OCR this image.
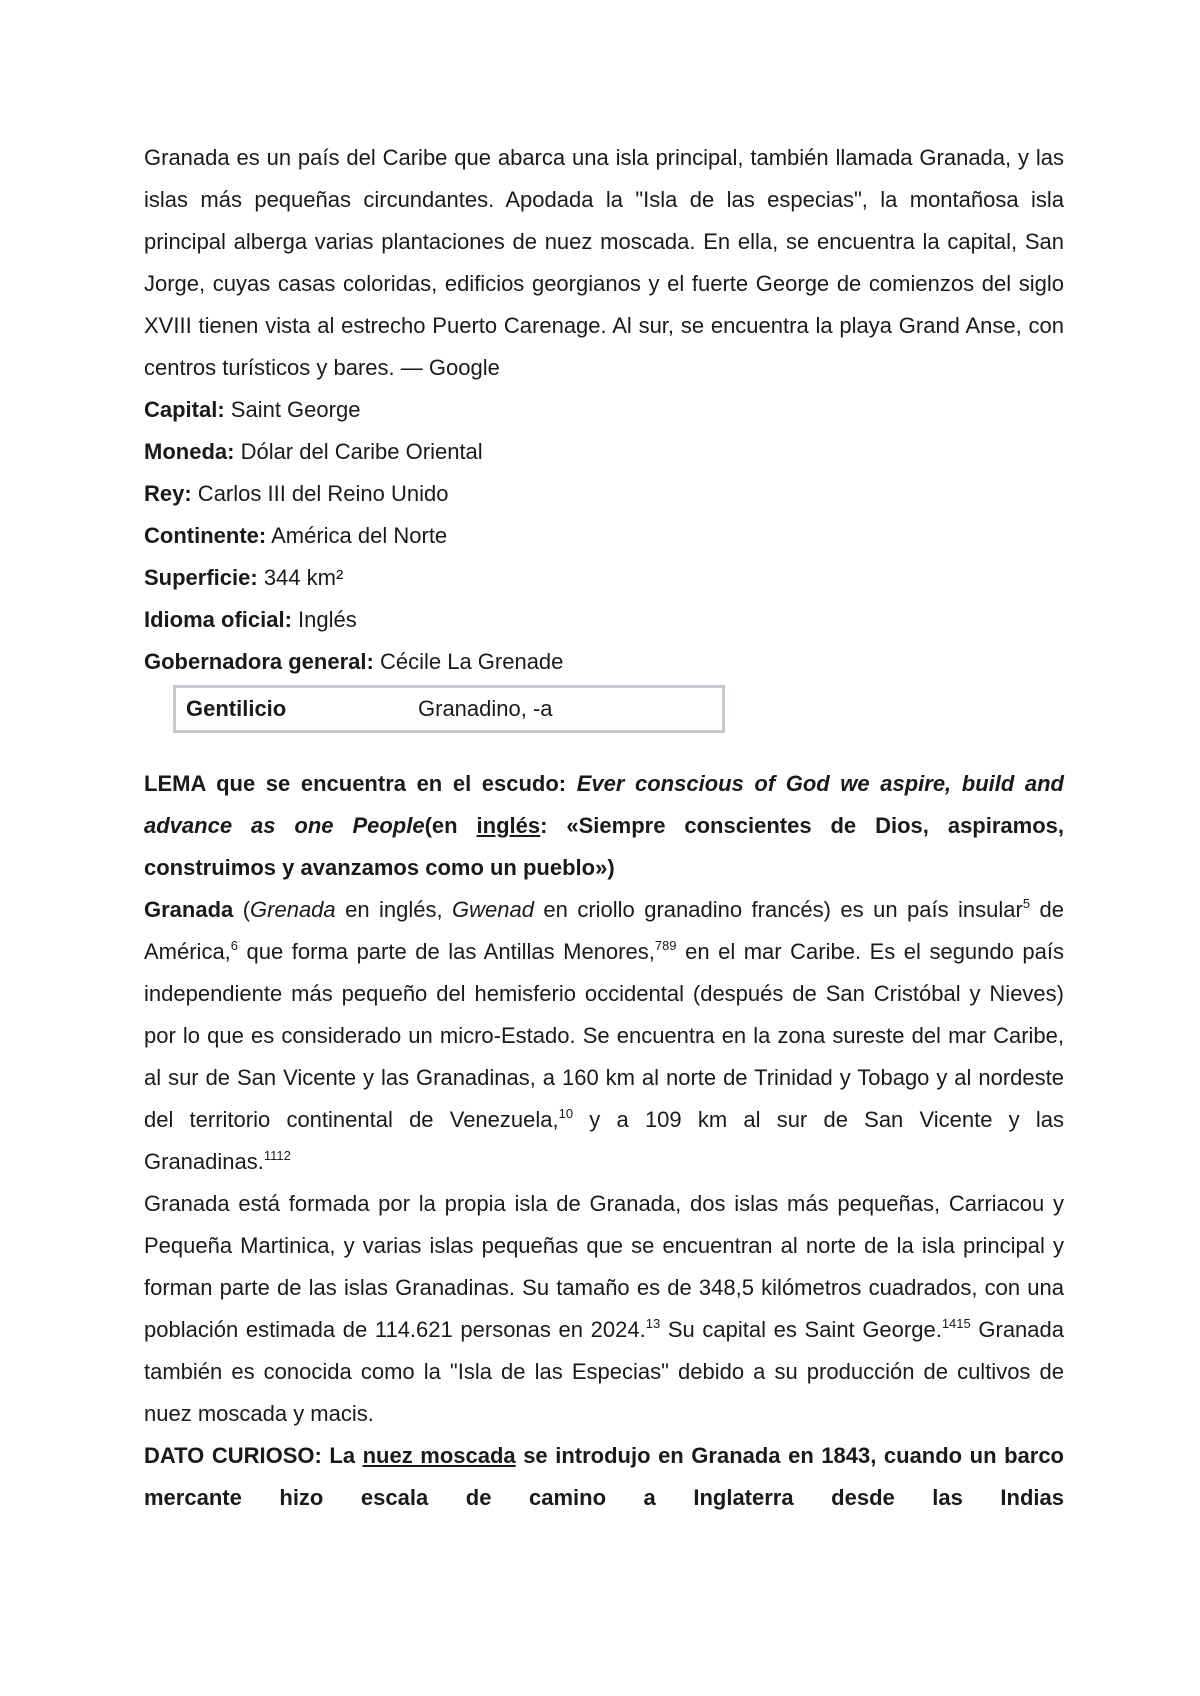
Granada es un país del Caribe que abarca una isla principal, también llamada Granada, y las islas más pequeñas circundantes. Apodada la "Isla de las especias", la montañosa isla principal alberga varias plantaciones de nuez moscada. En ella, se encuentra la capital, San Jorge, cuyas casas coloridas, edificios georgianos y el fuerte George de comienzos del siglo XVIII tienen vista al estrecho Puerto Carenage. Al sur, se encuentra la playa Grand Anse, con centros turísticos y bares. — Google

Capital: Saint George

Moneda: Dólar del Caribe Oriental

Rey: Carlos III del Reino Unido

Continente: América del Norte

Superficie: 344 km²

Idioma oficial: Inglés

Gobernadora general: Cécile La Grenade

Gentilicio	Granadino, -a

LEMA que se encuentra en el escudo: Ever conscious of God we aspire, build and advance as one People(en inglés: «Siempre conscientes de Dios, aspiramos, construimos y avanzamos como un pueblo»)

Granada (Grenada en inglés, Gwenad en criollo granadino francés) es un país insular$^5$ de América,$^6$ que forma parte de las Antillas Menores,$^{789}$ en el mar Caribe. Es el segundo país independiente más pequeño del hemisferio occidental (después de San Cristóbal y Nieves) por lo que es considerado un micro-Estado. Se encuentra en la zona sureste del mar Caribe, al sur de San Vicente y las Granadinas, a 160 km al norte de Trinidad y Tobago y al nordeste del territorio continental de Venezuela,$^{10}$ y a 109 km al sur de San Vicente y las Granadinas.$^{1112}$

Granada está formada por la propia isla de Granada, dos islas más pequeñas, Carriacou y Pequeña Martinica, y varias islas pequeñas que se encuentran al norte de la isla principal y forman parte de las islas Granadinas. Su tamaño es de 348,5 kilómetros cuadrados, con una población estimada de 114.621 personas en 2024.13 Su capital es Saint George.$^{1415}$ Granada también es conocida como la "Isla de las Especias" debido a su producción de cultivos de nuez moscada y macis.

DATO CURIOSO: La nuez moscada se introdujo en Granada en 1843, cuando un barco mercante hizo escala de camino a Inglaterra desde las Indias
